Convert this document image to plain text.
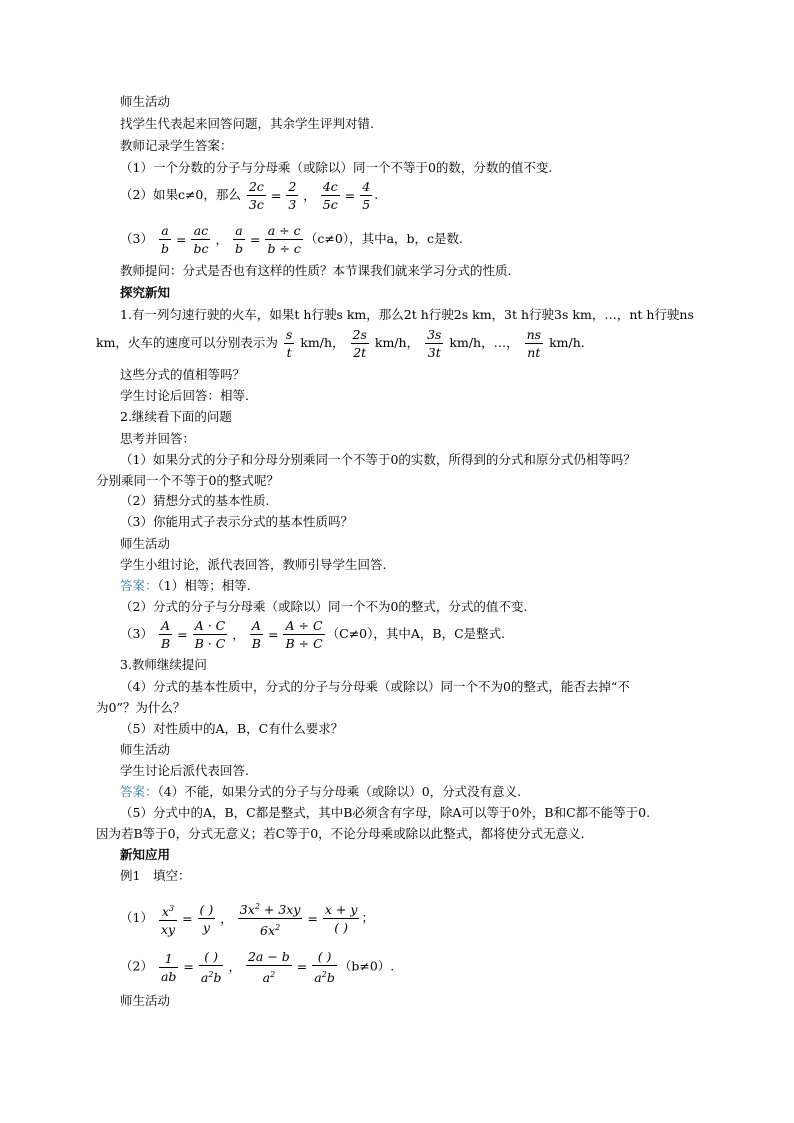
师生活动
找学生代表起来回答问题，其余学生评判对错.
教师记录学生答案：
（1）一个分数的分子与分母乘（或除以）同一个不等于0的数，分数的值不变.
（2）如果c≠0，那么 $\frac{2c}{3c} = \frac{2}{3}$ ， $\frac{4c}{5c} = \frac{4}{5}$ .
$(3) \frac{a}{b} = \frac{ac}{bc}$ ， $\frac{a}{b} = \frac{a \div c}{b \div c} (c\ne 0)$，其中a，b，c是数.
教师提问：分式是否也有这样的性质？本节课我们就来学习分式的性质.
探究新知
1.有一列匀速行驶的火车，如果t h行驶s km，那么2t h行驶2s km，3t h行驶3s km，…，nt h行驶ns
km，火车的速度可以分别表示为 $\frac{s}{t} km/h$， $\frac{2s}{2t} km/h$， $\frac{3s}{3t} km/h$，…， $\frac{ns}{nt} km/h$.
这些分式的值相等吗？
学生讨论后回答：相等.
2.继续看下面的问题
思考并回答：
（1）如果分式的分子和分母分别乘同一个不等于0的实数，所得到的分式和原分式仍相等吗？
分别乘同一个不等于0的整式呢？
（2）猜想分式的基本性质.
（3）你能用式子表示分式的基本性质吗？
师生活动
学生小组讨论，派代表回答，教师引导学生回答.
答案：（1）相等；相等.
（2）分式的分子与分母乘（或除以）同一个不为0的整式，分式的值不变.
$(3) \frac{A}{B} = \frac{A \cdot C}{B \cdot C}$ ， $\frac{A}{B} = \frac{A \div C}{B \div C} (C\ne 0)$，其中A，B，C是整式.
3.教师继续提问
（4）分式的基本性质中，分式的分子与分母乘（或除以）同一个不为0的整式，能否去掉“不
为0”？为什么？
（5）对性质中的A，B，C有什么要求？
师生活动
学生讨论后派代表回答.
答案：（4）不能，如果分式的分子与分母乘（或除以）0，分式没有意义.
（5）分式中的A，B，C都是整式，其中B必须含有字母，除A可以等于0外，B和C都不能等于0.
因为若B等于0，分式无意义；若C等于0，不论分母乘或除以此整式，都将使分式无意义.
新知应用
例1　填空：
$(1) \frac{x^3}{xy} = \frac{( )}{y}$ ， $\frac{3x^2 + 3xy}{6x^2} = \frac{x + y}{( )}$ ；
$(2) \frac{1}{ab} = \frac{( )}{a^2b}$ ， $\frac{2a - b}{a^2} = \frac{( )}{a^2b} (b\ne 0)$.
师生活动
